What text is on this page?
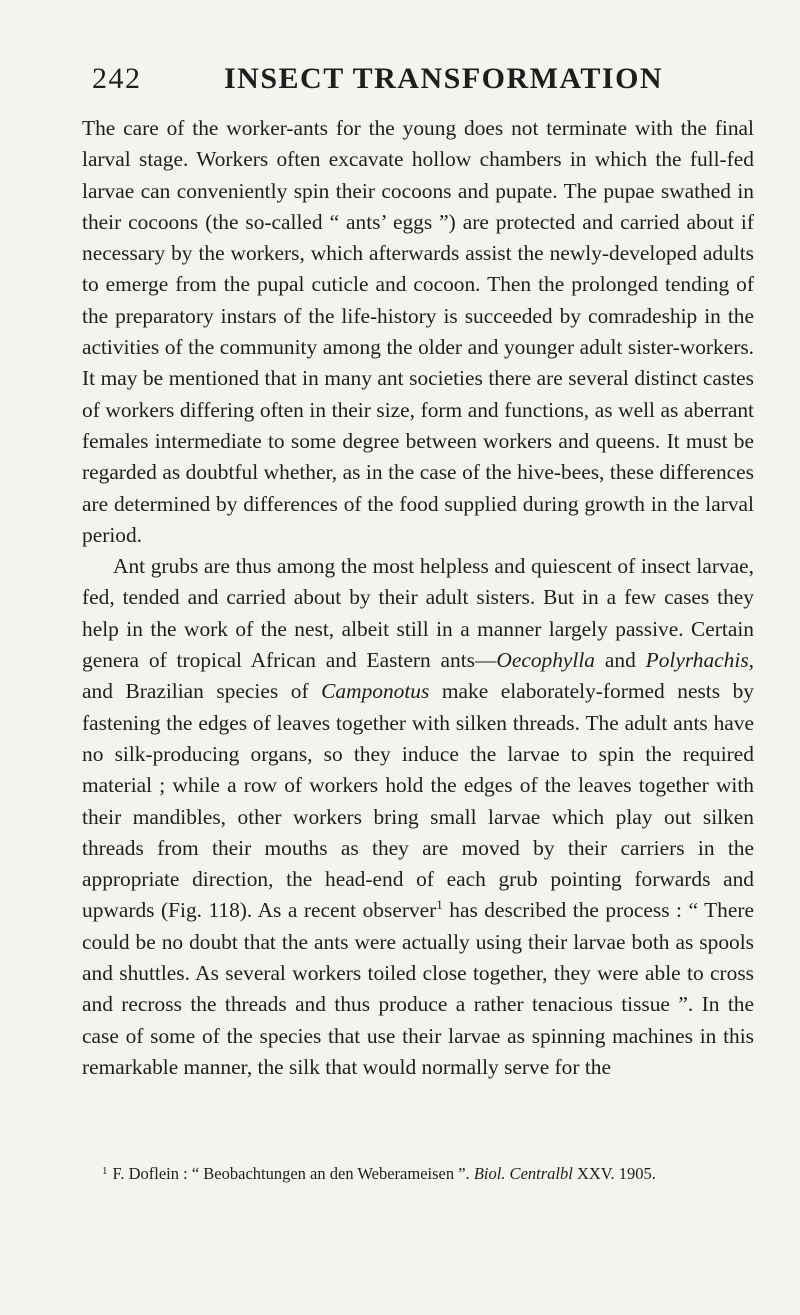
242	INSECT TRANSFORMATION

The care of the worker-ants for the young does not terminate with the final larval stage. Workers often excavate hollow chambers in which the full-fed larvae can conveniently spin their cocoons and pupate. The pupae swathed in their cocoons (the so-called “ ants’ eggs ”) are protected and carried about if necessary by the workers, which afterwards assist the newly-developed adults to emerge from the pupal cuticle and cocoon. Then the prolonged tending of the preparatory instars of the life-history is succeeded by comradeship in the activities of the community among the older and younger adult sister-workers. It may be mentioned that in many ant societies there are several distinct castes of workers differing often in their size, form and functions, as well as aberrant females intermediate to some degree between workers and queens. It must be regarded as doubtful whether, as in the case of the hive-bees, these differences are determined by differences of the food supplied during growth in the larval period.

Ant grubs are thus among the most helpless and quiescent of insect larvae, fed, tended and carried about by their adult sisters. But in a few cases they help in the work of the nest, albeit still in a manner largely passive. Certain genera of tropical African and Eastern ants—Oecophylla and Polyrhachis, and Brazilian species of Camponotus make elaborately-formed nests by fastening the edges of leaves together with silken threads. The adult ants have no silk-producing organs, so they induce the larvae to spin the required material ; while a row of workers hold the edges of the leaves together with their mandibles, other workers bring small larvae which play out silken threads from their mouths as they are moved by their carriers in the appropriate direction, the head-end of each grub pointing forwards and upwards (Fig. 118). As a recent observer$^1$ has described the process : “ There could be no doubt that the ants were actually using their larvae both as spools and shuttles. As several workers toiled close together, they were able to cross and recross the threads and thus produce a rather tenacious tissue ”. In the case of some of the species that use their larvae as spinning machines in this remarkable manner, the silk that would normally serve for the

$^1$ F. Doflein : “ Beobachtungen an den Weberameisen ”. Biol. Centralbl XXV. 1905.
